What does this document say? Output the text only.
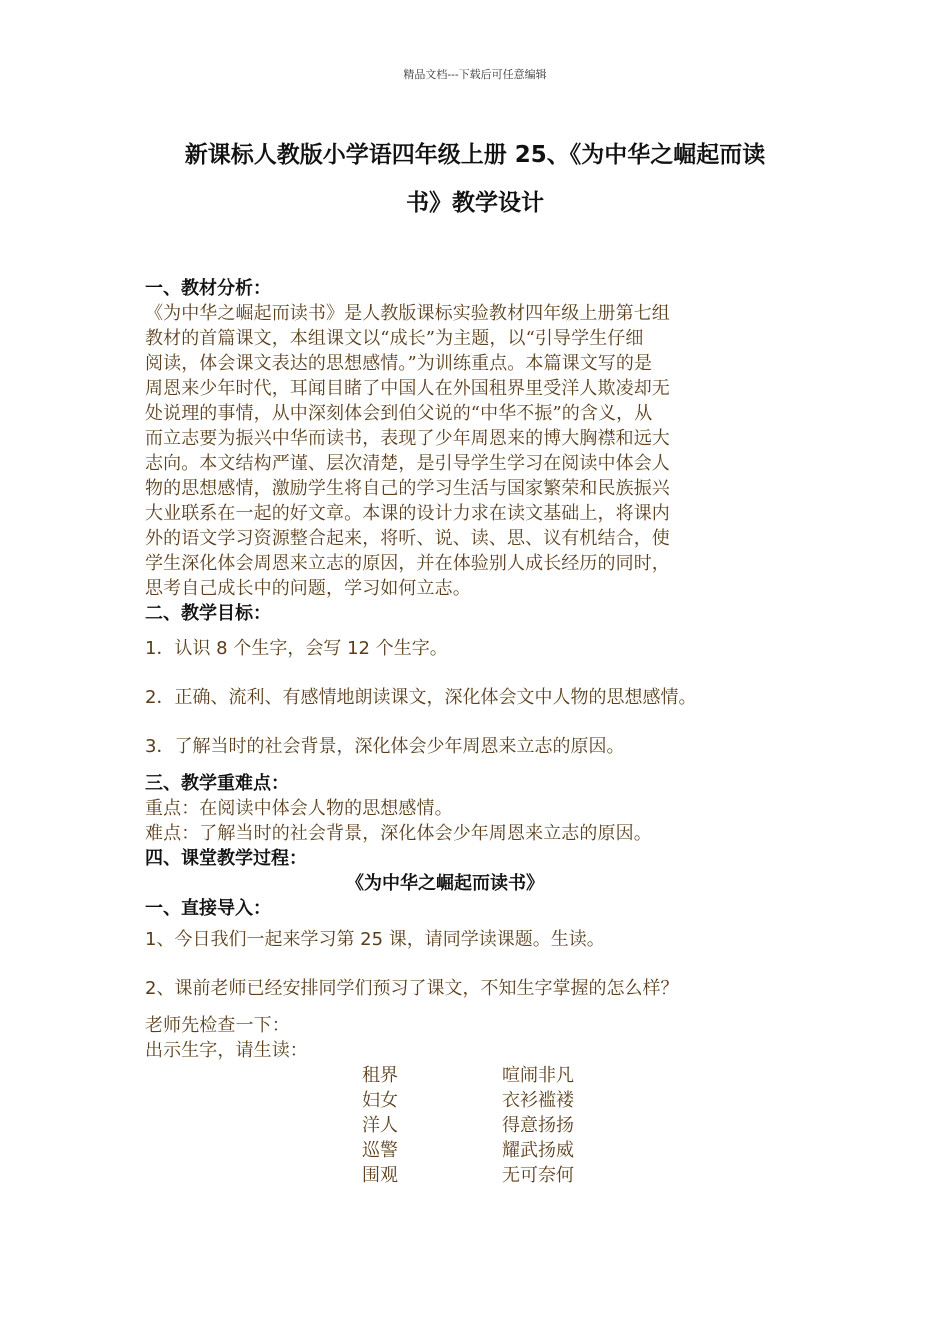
精品文档---下载后可任意编辑
新课标人教版小学语四年级上册 25、《为中华之崛起而读
书》教学设计
一、教材分析：

《为中华之崛起而读书》是人教版课标实验教材四年级上册第七组
教材的首篇课文，本组课文以“成长”为主题，以“引导学生仔细
阅读，体会课文表达的思想感情。”为训练重点。本篇课文写的是
周恩来少年时代，耳闻目睹了中国人在外国租界里受洋人欺凌却无
处说理的事情，从中深刻体会到伯父说的“中华不振”的含义，从
而立志要为振兴中华而读书，表现了少年周恩来的博大胸襟和远大
志向。本文结构严谨、层次清楚，是引导学生学习在阅读中体会人
物的思想感情，激励学生将自己的学习生活与国家繁荣和民族振兴
大业联系在一起的好文章。本课的设计力求在读文基础上，将课内
外的语文学习资源整合起来，将听、说、读、思、议有机结合，使
学生深化体会周恩来立志的原因，并在体验别人成长经历的同时，
思考自己成长中的问题，学习如何立志。

二、教学目标：
1．认识 8 个生字，会写 12 个生字。
2．正确、流利、有感情地朗读课文，深化体会文中人物的思想感情。
3．了解当时的社会背景，深化体会少年周恩来立志的原因。
三、教学重难点：
重点：在阅读中体会人物的思想感情。
难点：了解当时的社会背景，深化体会少年周恩来立志的原因。
四、课堂教学过程：
《为中华之崛起而读书》
一、直接导入：
1、今日我们一起来学习第 25 课，请同学读课题。生读。
2、课前老师已经安排同学们预习了课文，不知生字掌握的怎么样？
老师先检查一下：
出示生字，请生读：
租界	喧闹非凡
妇女	衣衫褴褛
洋人	得意扬扬
巡警	耀武扬威
围观	无可奈何
